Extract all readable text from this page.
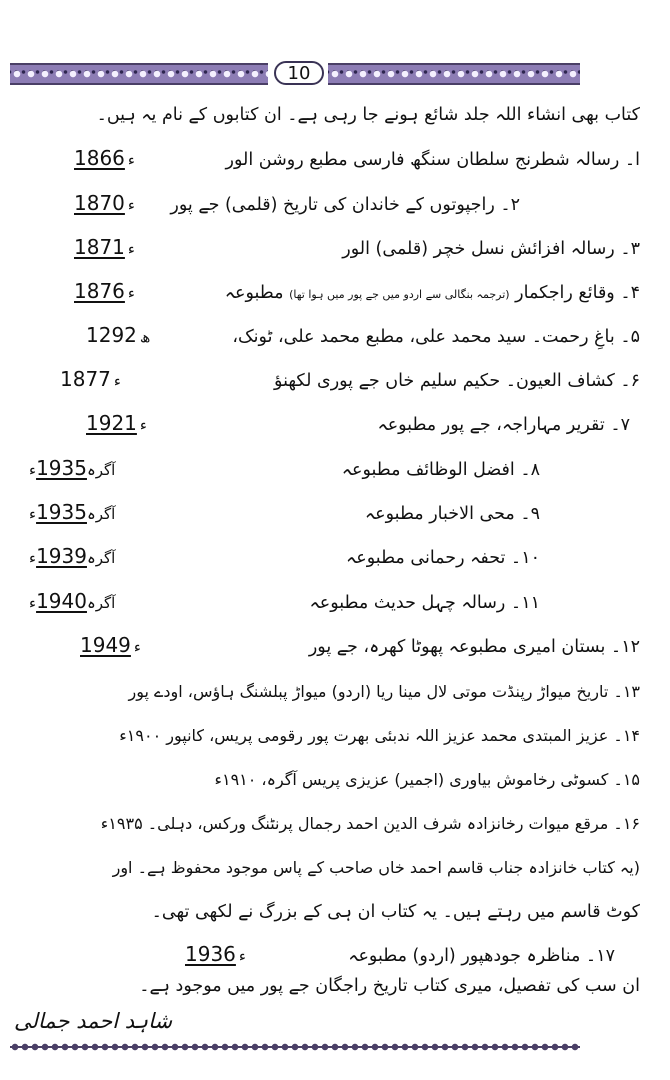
10
کتاب بھی انشاء اللہ جلد شائع ہونے جا رہی ہے۔ ان کتابوں کے نام یہ ہیں۔
ا۔ رسالہ شطرنج سلطان سنگھ فارسی مطبع روشن الور
1866 ء
۲۔ راجپوتوں کے خاندان کی تاریخ (قلمی) جے پور
1870 ء
۳۔ رسالہ افزائش نسل خچر (قلمی) الور
1871 ء
۴۔ وقائع راجکمار (ترجمہ بنگالی سے اردو میں جے پور میں ہوا تھا) مطبوعہ
1876 ء
۵۔ باغِ رحمت۔ سید محمد علی، مطبع محمد علی، ٹونک،
1292 ھ
۶۔ کشاف العیون۔ حکیم سلیم خاں جے پوری لکھنؤ
1877 ء
۷۔ تقریر مہاراجہ، جے پور مطبوعہ
1921 ء
۸۔ افضل الوظائف مطبوعہ
آگرہ1935ء
۹۔ محی الاخبار مطبوعہ
آگرہ1935ء
۱۰۔ تحفہ رحمانی مطبوعہ
آگرہ1939ء
۱۱۔ رسالہ چہل حدیث مطبوعہ
آگرہ1940ء
۱۲۔ بستان امیری مطبوعہ پھوٹا کھرہ، جے پور
1949 ء
۱۳۔ تاریخ میواڑ رپنڈت موتی لال مینا ریا (اردو) میواڑ پبلشنگ ہاؤس، اودے پور
۱۴۔ عزیز المبتدی محمد عزیز اللہ ندبئی بھرت پور رقومی پریس، کانپور ۱۹۰۰ء
۱۵۔ کسوٹی رخاموش بیاوری (اجمیر) عزیزی پریس آگرہ، ۱۹۱۰ء
۱۶۔ مرقع میوات رخانزادہ شرف الدین احمد رجمال پرنٹنگ ورکس، دہلی۔ ۱۹۳۵ء
(یہ کتاب خانزادہ جناب قاسم احمد خاں صاحب کے پاس موجود محفوظ ہے۔ اور
کوٹ قاسم میں رہتے ہیں۔ یہ کتاب ان ہی کے بزرگ نے لکھی تھی۔
۱۷۔ مناظرہ جودھپور (اردو) مطبوعہ
1936 ء
ان سب کی تفصیل، میری کتاب تاریخ راجگان جے پور میں موجود ہے۔
شاہد احمد جمالی
